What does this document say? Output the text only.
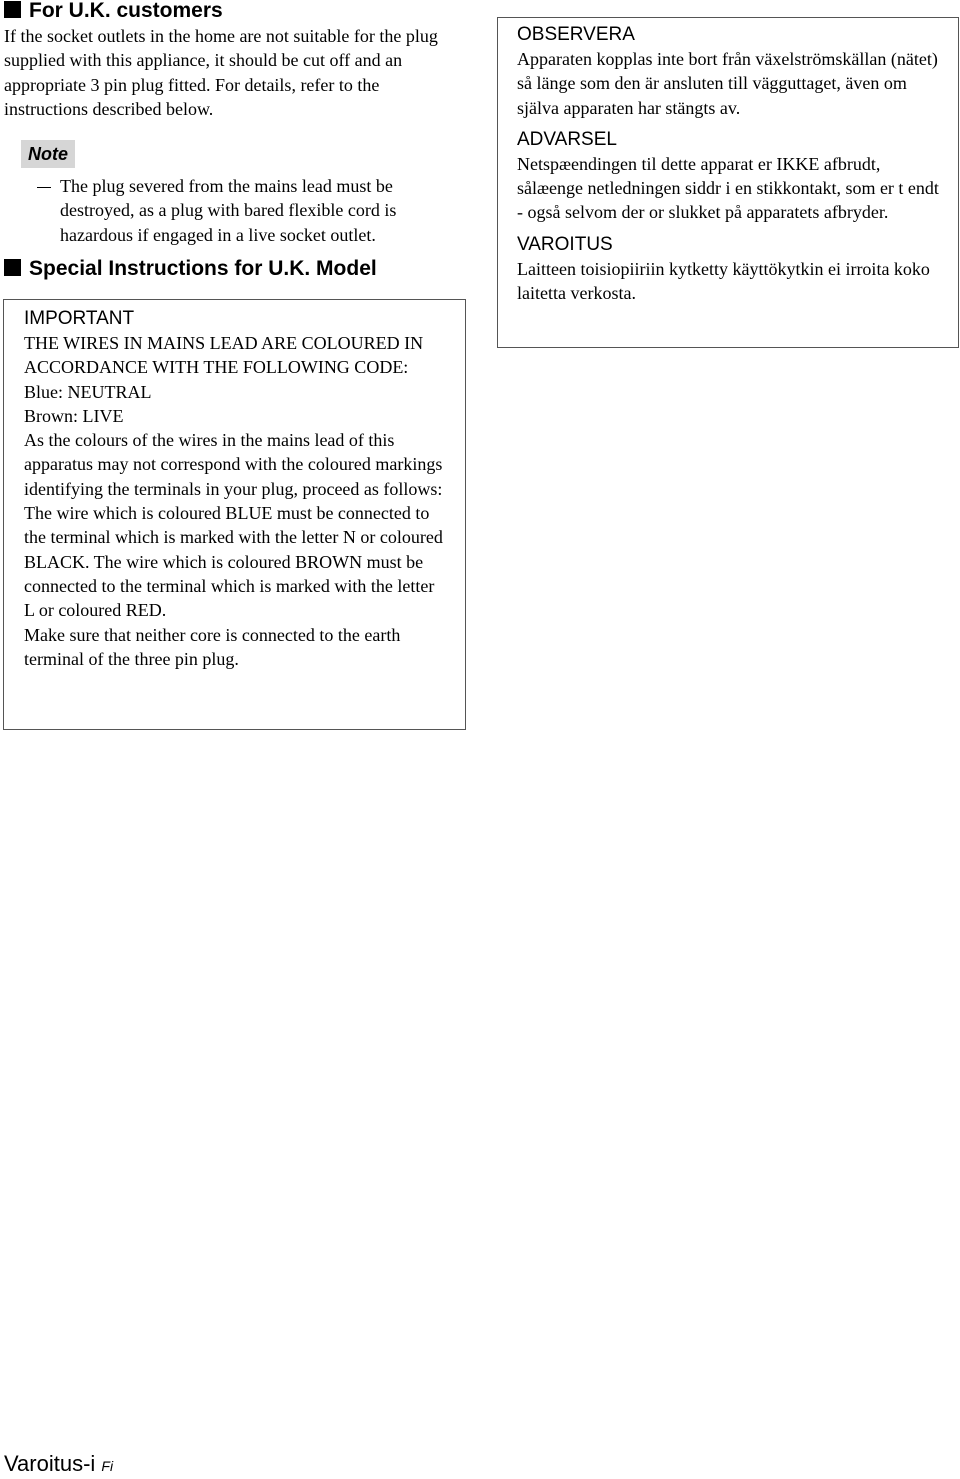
For U.K. customers

If the socket outlets in the home are not suitable for the plug supplied with this appliance, it should be cut off and an appropriate 3 pin plug fitted. For details, refer to the instructions described below.

Note

The plug severed from the mains lead must be destroyed, as a plug with bared flexible cord is hazardous if engaged in a live socket outlet.

Special Instructions for U.K. Model

IMPORTANT

THE WIRES IN MAINS LEAD ARE COLOURED IN ACCORDANCE WITH THE FOLLOWING CODE:

Blue: NEUTRAL

Brown: LIVE

As the colours of the wires in the mains lead of this apparatus may not correspond with the coloured markings identifying the terminals in your plug, proceed as follows:

The wire which is coloured BLUE must be connected to the terminal which is marked with the letter N or coloured BLACK. The wire which is coloured BROWN must be connected to the terminal which is marked with the letter L or coloured RED.

Make sure that neither core is connected to the earth terminal of the three pin plug.

OBSERVERA

Apparaten kopplas inte bort från växelströmskällan (nätet) så länge som den är ansluten till vägguttaget, även om själva apparaten har stängts av.

ADVARSEL

Netspæendingen til dette apparat er IKKE afbrudt, sålæenge netledningen siddr i en stikkontakt, som er t endt - også selvom der or slukket på apparatets afbryder.

VAROITUS

Laitteen toisiopiiriin kytketty käyttökytkin ei irroita koko laitetta verkosta.

Varoitus-i Fi
